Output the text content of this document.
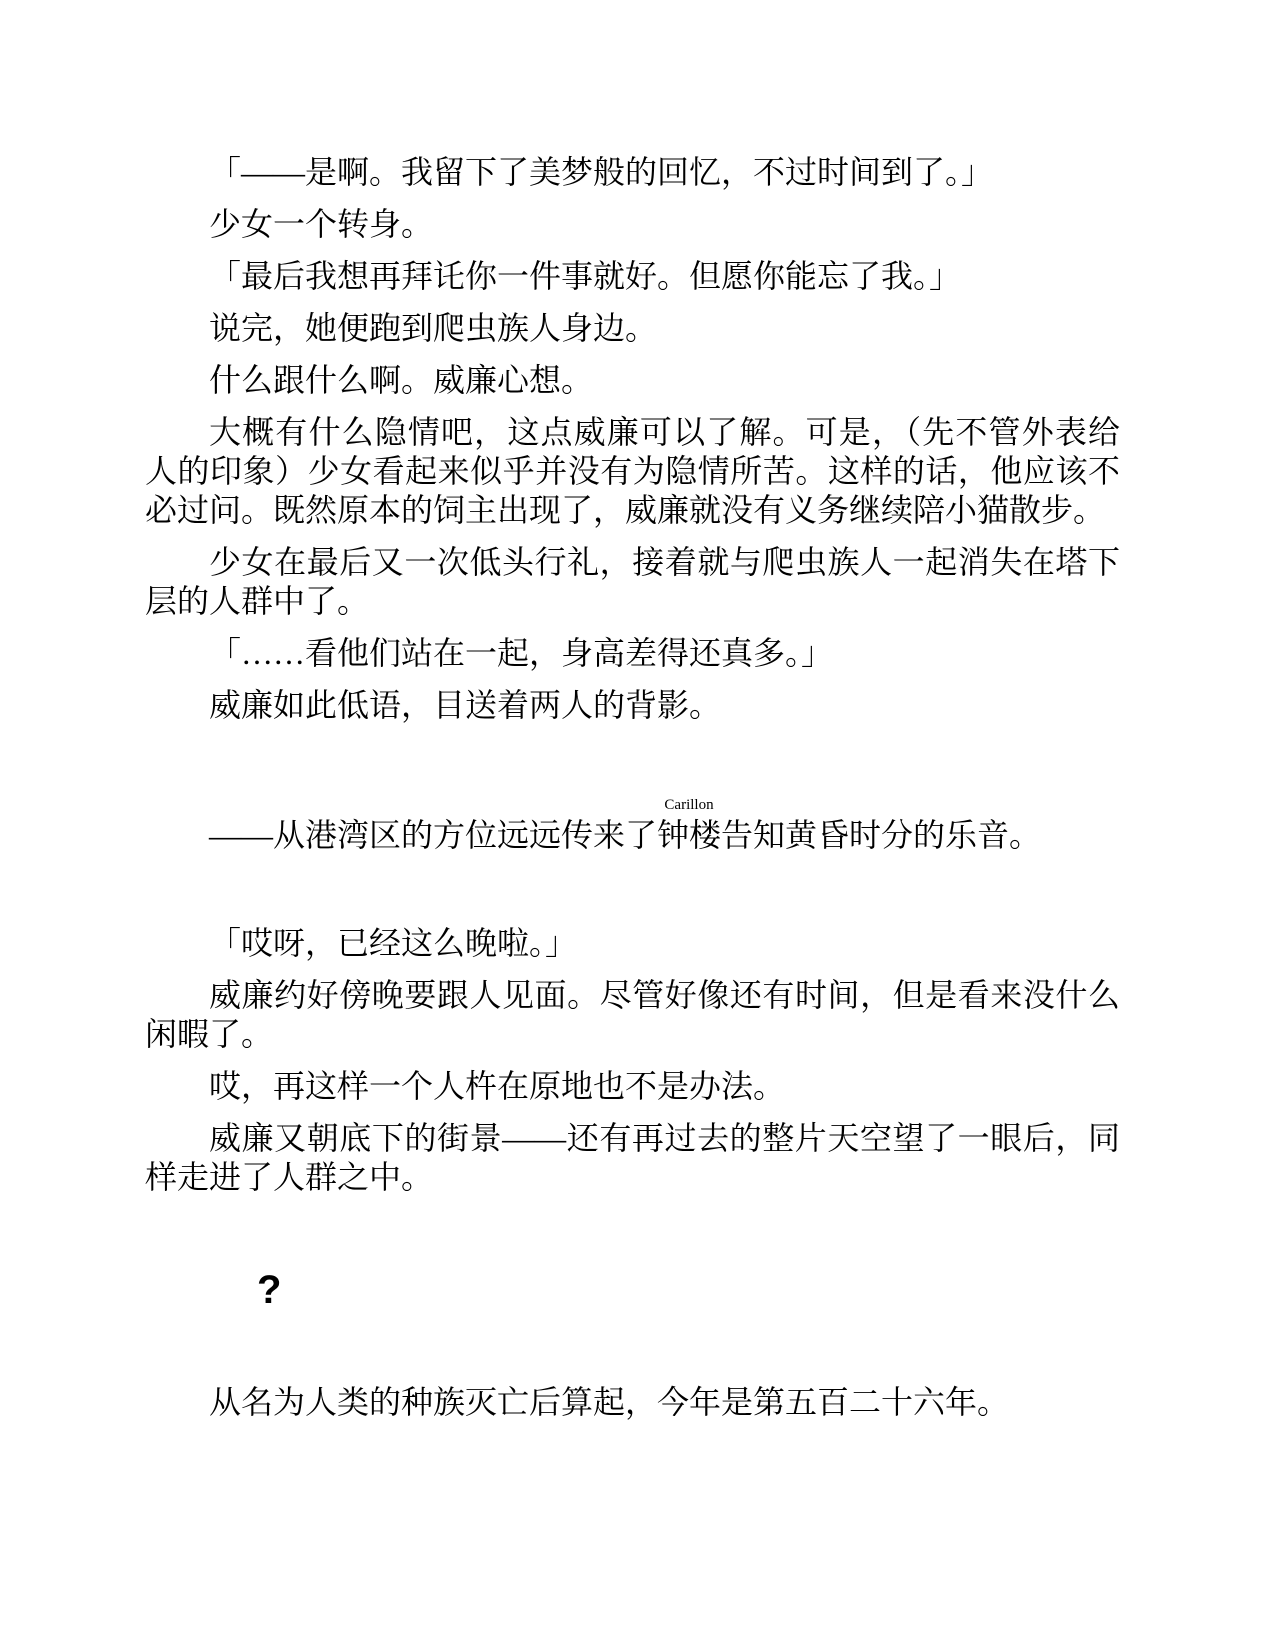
「——是啊。我留下了美梦般的回忆，不过时间到了。」

少女一个转身。

「最后我想再拜讬你一件事就好。但愿你能忘了我。」

说完，她便跑到爬虫族人身边。

什么跟什么啊。威廉心想。

大概有什么隐情吧，这点威廉可以了解。可是，（先不管外表给人的印象）少女看起来似乎并没有为隐情所苦。这样的话，他应该不必过问。既然原本的饲主出现了，威廉就没有义务继续陪小猫散步。

少女在最后又一次低头行礼，接着就与爬虫族人一起消失在塔下层的人群中了。

「……看他们站在一起，身高差得还真多。」

威廉如此低语，目送着两人的背影。

——从港湾区的方位远远传来了钟楼
Carillon
告知黄昏时分的乐音。

「哎呀，已经这么晚啦。」

威廉约好傍晚要跟人见面。尽管好像还有时间，但是看来没什么闲暇了。

哎，再这样一个人杵在原地也不是办法。

威廉又朝底下的街景——还有再过去的整片天空望了一眼后，同样走进了人群之中。

?

从名为人类的种族灭亡后算起，今年是第五百二十六年。
